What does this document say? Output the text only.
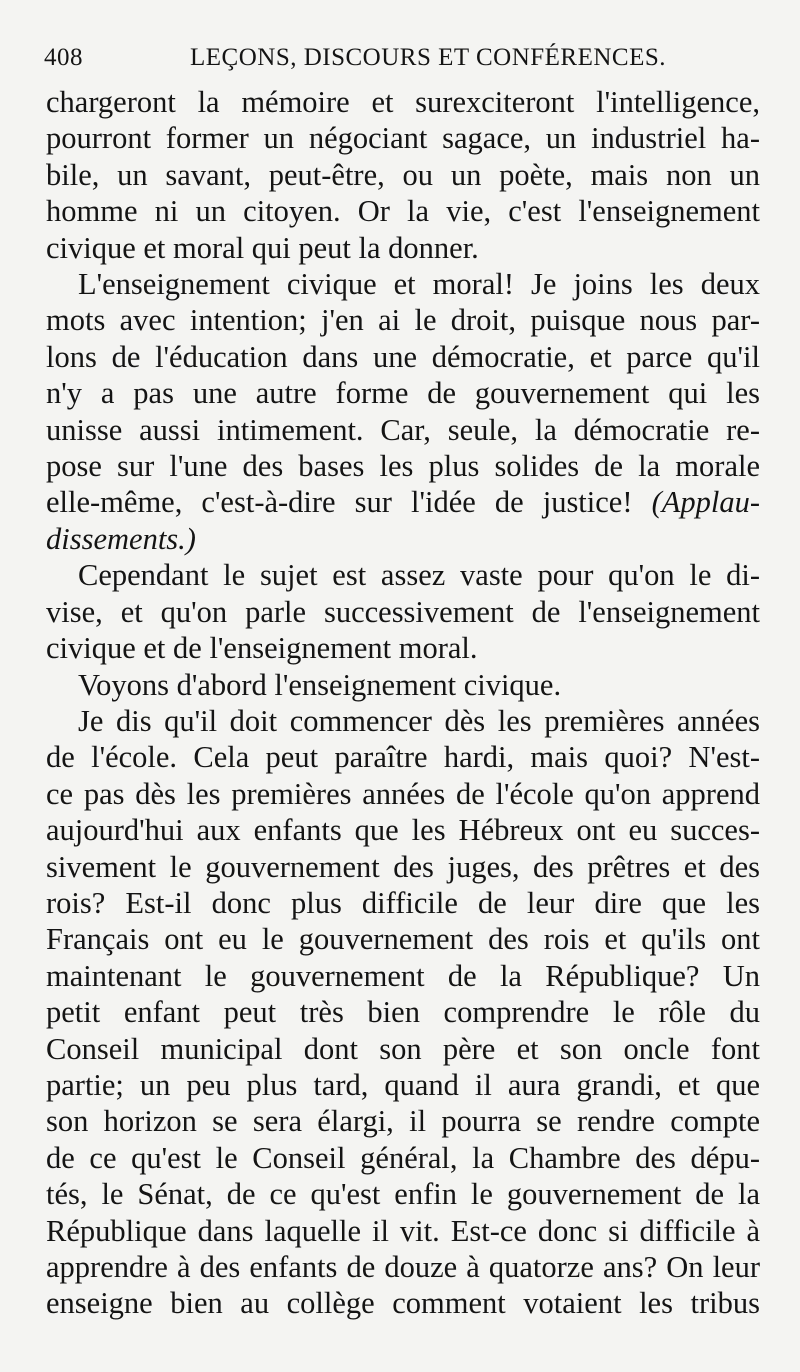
408	LEÇONS, DISCOURS ET CONFÉRENCES.
chargeront la mémoire et surexciteront l'intelligence,
pourront former un négociant sagace, un industriel ha-
bile, un savant, peut-être, ou un poète, mais non un
homme ni un citoyen. Or la vie, c'est l'enseignement
civique et moral qui peut la donner.
L'enseignement civique et moral! Je joins les deux
mots avec intention; j'en ai le droit, puisque nous par-
lons de l'éducation dans une démocratie, et parce qu'il
n'y a pas une autre forme de gouvernement qui les
unisse aussi intimement. Car, seule, la démocratie re-
pose sur l'une des bases les plus solides de la morale
elle-même, c'est-à-dire sur l'idée de justice! (Applau-
dissements.)
Cependant le sujet est assez vaste pour qu'on le di-
vise, et qu'on parle successivement de l'enseignement
civique et de l'enseignement moral.
Voyons d'abord l'enseignement civique.
Je dis qu'il doit commencer dès les premières années
de l'école. Cela peut paraître hardi, mais quoi? N'est-
ce pas dès les premières années de l'école qu'on apprend
aujourd'hui aux enfants que les Hébreux ont eu succes-
sivement le gouvernement des juges, des prêtres et des
rois? Est-il donc plus difficile de leur dire que les
Français ont eu le gouvernement des rois et qu'ils ont
maintenant le gouvernement de la République? Un
petit enfant peut très bien comprendre le rôle du
Conseil municipal dont son père et son oncle font
partie; un peu plus tard, quand il aura grandi, et que
son horizon se sera élargi, il pourra se rendre compte
de ce qu'est le Conseil général, la Chambre des dépu-
tés, le Sénat, de ce qu'est enfin le gouvernement de la
République dans laquelle il vit. Est-ce donc si difficile à
apprendre à des enfants de douze à quatorze ans? On leur
enseigne bien au collège comment votaient les tribus
